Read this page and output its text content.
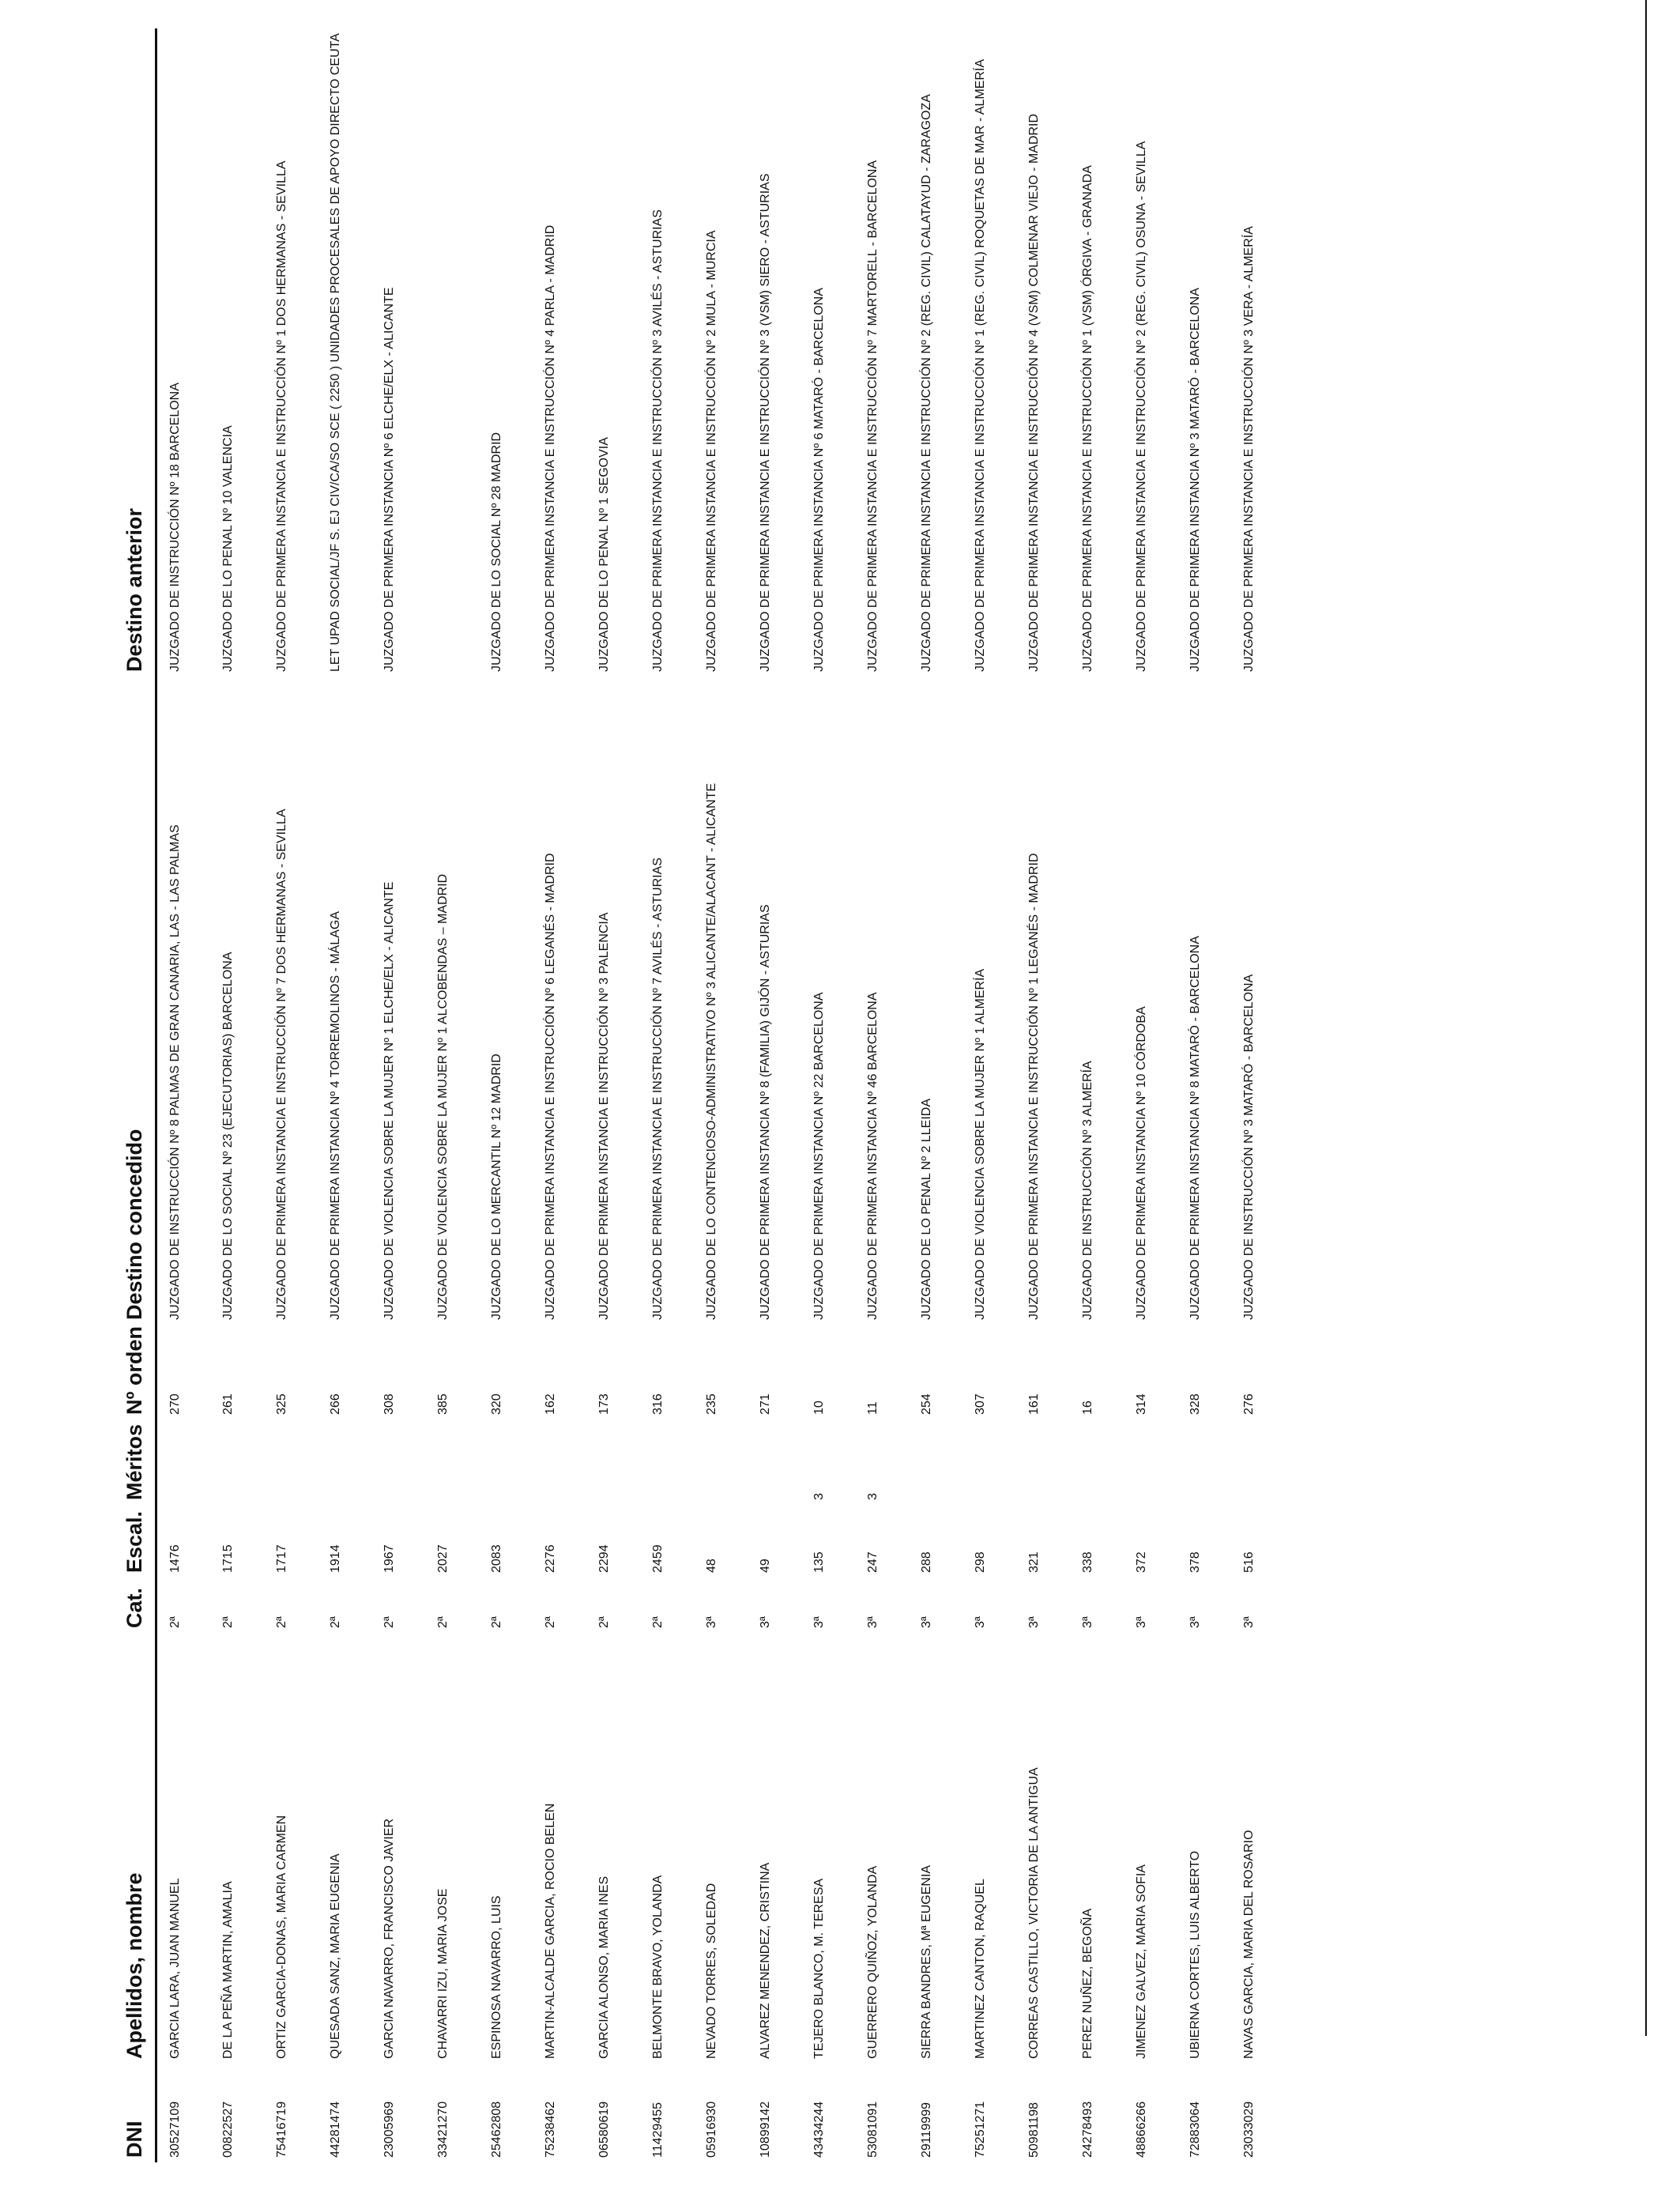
DNI	Apellidos, nombre	Cat.	Escal.	Méritos	Nº orden	Destino concedido	Destino anterior
30527109	GARCIA LARA, JUAN MANUEL	2ª	1476		270	JUZGADO DE INSTRUCCIÓN Nº 8 PALMAS DE GRAN CANARIA, LAS - LAS PALMAS	JUZGADO DE INSTRUCCIÓN Nº 18 BARCELONA
00822527	DE LA PEÑA MARTIN, AMALIA	2ª	1715		261	JUZGADO DE LO SOCIAL Nº 23 (EJECUTORIAS) BARCELONA	JUZGADO DE LO PENAL Nº 10 VALENCIA
75416719	ORTIZ GARCIA-DONAS, MARIA CARMEN	2ª	1717		325	JUZGADO DE PRIMERA INSTANCIA E INSTRUCCIÓN Nº 7 DOS HERMANAS - SEVILLA	JUZGADO DE PRIMERA INSTANCIA E INSTRUCCIÓN Nº 1 DOS HERMANAS - SEVILLA
44281474	QUESADA SANZ, MARIA EUGENIA	2ª	1914		266	JUZGADO DE PRIMERA INSTANCIA Nº 4 TORREMOLINOS - MÁLAGA	LET UPAD SOCIAL/JF S. EJ CIV/CA/SO SCE ( 2250 ) UNIDADES PROCESALES DE APOYO DIRECTO CEUTA
23005969	GARCIA NAVARRO, FRANCISCO JAVIER	2ª	1967		308	JUZGADO DE VIOLENCIA SOBRE LA MUJER Nº 1 ELCHE/ELX - ALICANTE	JUZGADO DE PRIMERA INSTANCIA Nº 6 ELCHE/ELX - ALICANTE
33421270	CHAVARRI IZU, MARIA JOSE	2ª	2027		385	JUZGADO DE VIOLENCIA SOBRE LA MUJER Nº 1 ALCOBENDAS – MADRID	
25462808	ESPINOSA NAVARRO, LUIS	2ª	2083		320	JUZGADO DE LO MERCANTIL Nº 12 MADRID	JUZGADO DE LO SOCIAL Nº 28 MADRID
75238462	MARTIN-ALCALDE GARCIA, ROCIO BELEN	2ª	2276		162	JUZGADO DE PRIMERA INSTANCIA E INSTRUCCIÓN Nº 6 LEGANÉS - MADRID	JUZGADO DE PRIMERA INSTANCIA E INSTRUCCIÓN Nº 4 PARLA - MADRID
06580619	GARCIA ALONSO, MARIA INES	2ª	2294		173	JUZGADO DE PRIMERA INSTANCIA E INSTRUCCIÓN Nº 3 PALENCIA	JUZGADO DE LO PENAL Nº 1 SEGOVIA
11429455	BELMONTE BRAVO, YOLANDA	2ª	2459		316	JUZGADO DE PRIMERA INSTANCIA E INSTRUCCIÓN Nº 7 AVILÉS - ASTURIAS	JUZGADO DE PRIMERA INSTANCIA E INSTRUCCIÓN Nº 3 AVILÉS - ASTURIAS
05916930	NEVADO TORRES, SOLEDAD	3ª	48		235	JUZGADO DE LO CONTENCIOSO-ADMINISTRATIVO Nº 3 ALICANTE/ALACANT - ALICANTE	JUZGADO DE PRIMERA INSTANCIA E INSTRUCCIÓN Nº 2 MULA - MURCIA
10899142	ALVAREZ MENENDEZ, CRISTINA	3ª	49		271	JUZGADO DE PRIMERA INSTANCIA Nº 8 (FAMILIA) GIJÓN - ASTURIAS	JUZGADO DE PRIMERA INSTANCIA E INSTRUCCIÓN Nº 3 (VSM) SIERO - ASTURIAS
43434244	TEJERO BLANCO, M. TERESA	3ª	135	3	10	JUZGADO DE PRIMERA INSTANCIA Nº 22 BARCELONA	JUZGADO DE PRIMERA INSTANCIA Nº 6 MATARÓ - BARCELONA
53081091	GUERRERO QUIÑOZ, YOLANDA	3ª	247	3	11	JUZGADO DE PRIMERA INSTANCIA Nº 46 BARCELONA	JUZGADO DE PRIMERA INSTANCIA E INSTRUCCIÓN Nº 7 MARTORELL - BARCELONA
29119999	SIERRA BANDRES, Mª EUGENIA	3ª	288		254	JUZGADO DE LO PENAL Nº 2 LLEIDA	JUZGADO DE PRIMERA INSTANCIA E INSTRUCCIÓN Nº 2 (REG. CIVIL) CALATAYUD - ZARAGOZA
75251271	MARTINEZ CANTON, RAQUEL	3ª	298		307	JUZGADO DE VIOLENCIA SOBRE LA MUJER Nº 1 ALMERÍA	JUZGADO DE PRIMERA INSTANCIA E INSTRUCCIÓN Nº 1 (REG. CIVIL) ROQUETAS DE MAR - ALMERÍA
50981198	CORREAS CASTILLO, VICTORIA DE LA ANTIGUA	3ª	321		161	JUZGADO DE PRIMERA INSTANCIA E INSTRUCCIÓN Nº 1 LEGANÉS - MADRID	JUZGADO DE PRIMERA INSTANCIA E INSTRUCCIÓN Nº 4 (VSM) COLMENAR VIEJO - MADRID
24278493	PEREZ NUÑEZ, BEGOÑA	3ª	338		16	JUZGADO DE INSTRUCCIÓN Nº 3 ALMERÍA	JUZGADO DE PRIMERA INSTANCIA E INSTRUCCIÓN Nº 1 (VSM) ÓRGIVA - GRANADA
48866266	JIMENEZ GALVEZ, MARIA SOFIA	3ª	372		314	JUZGADO DE PRIMERA INSTANCIA Nº 10 CÓRDOBA	JUZGADO DE PRIMERA INSTANCIA E INSTRUCCIÓN Nº 2 (REG. CIVIL) OSUNA - SEVILLA
72883064	UBIERNA CORTES, LUIS ALBERTO	3ª	378		328	JUZGADO DE PRIMERA INSTANCIA Nº 8 MATARÓ - BARCELONA	JUZGADO DE PRIMERA INSTANCIA Nº 3 MATARÓ - BARCELONA
23033029	NAVAS GARCIA, MARIA DEL ROSARIO	3ª	516		276	JUZGADO DE INSTRUCCIÓN Nº 3 MATARÓ - BARCELONA	JUZGADO DE PRIMERA INSTANCIA E INSTRUCCIÓN Nº 3 VERA - ALMERÍA
